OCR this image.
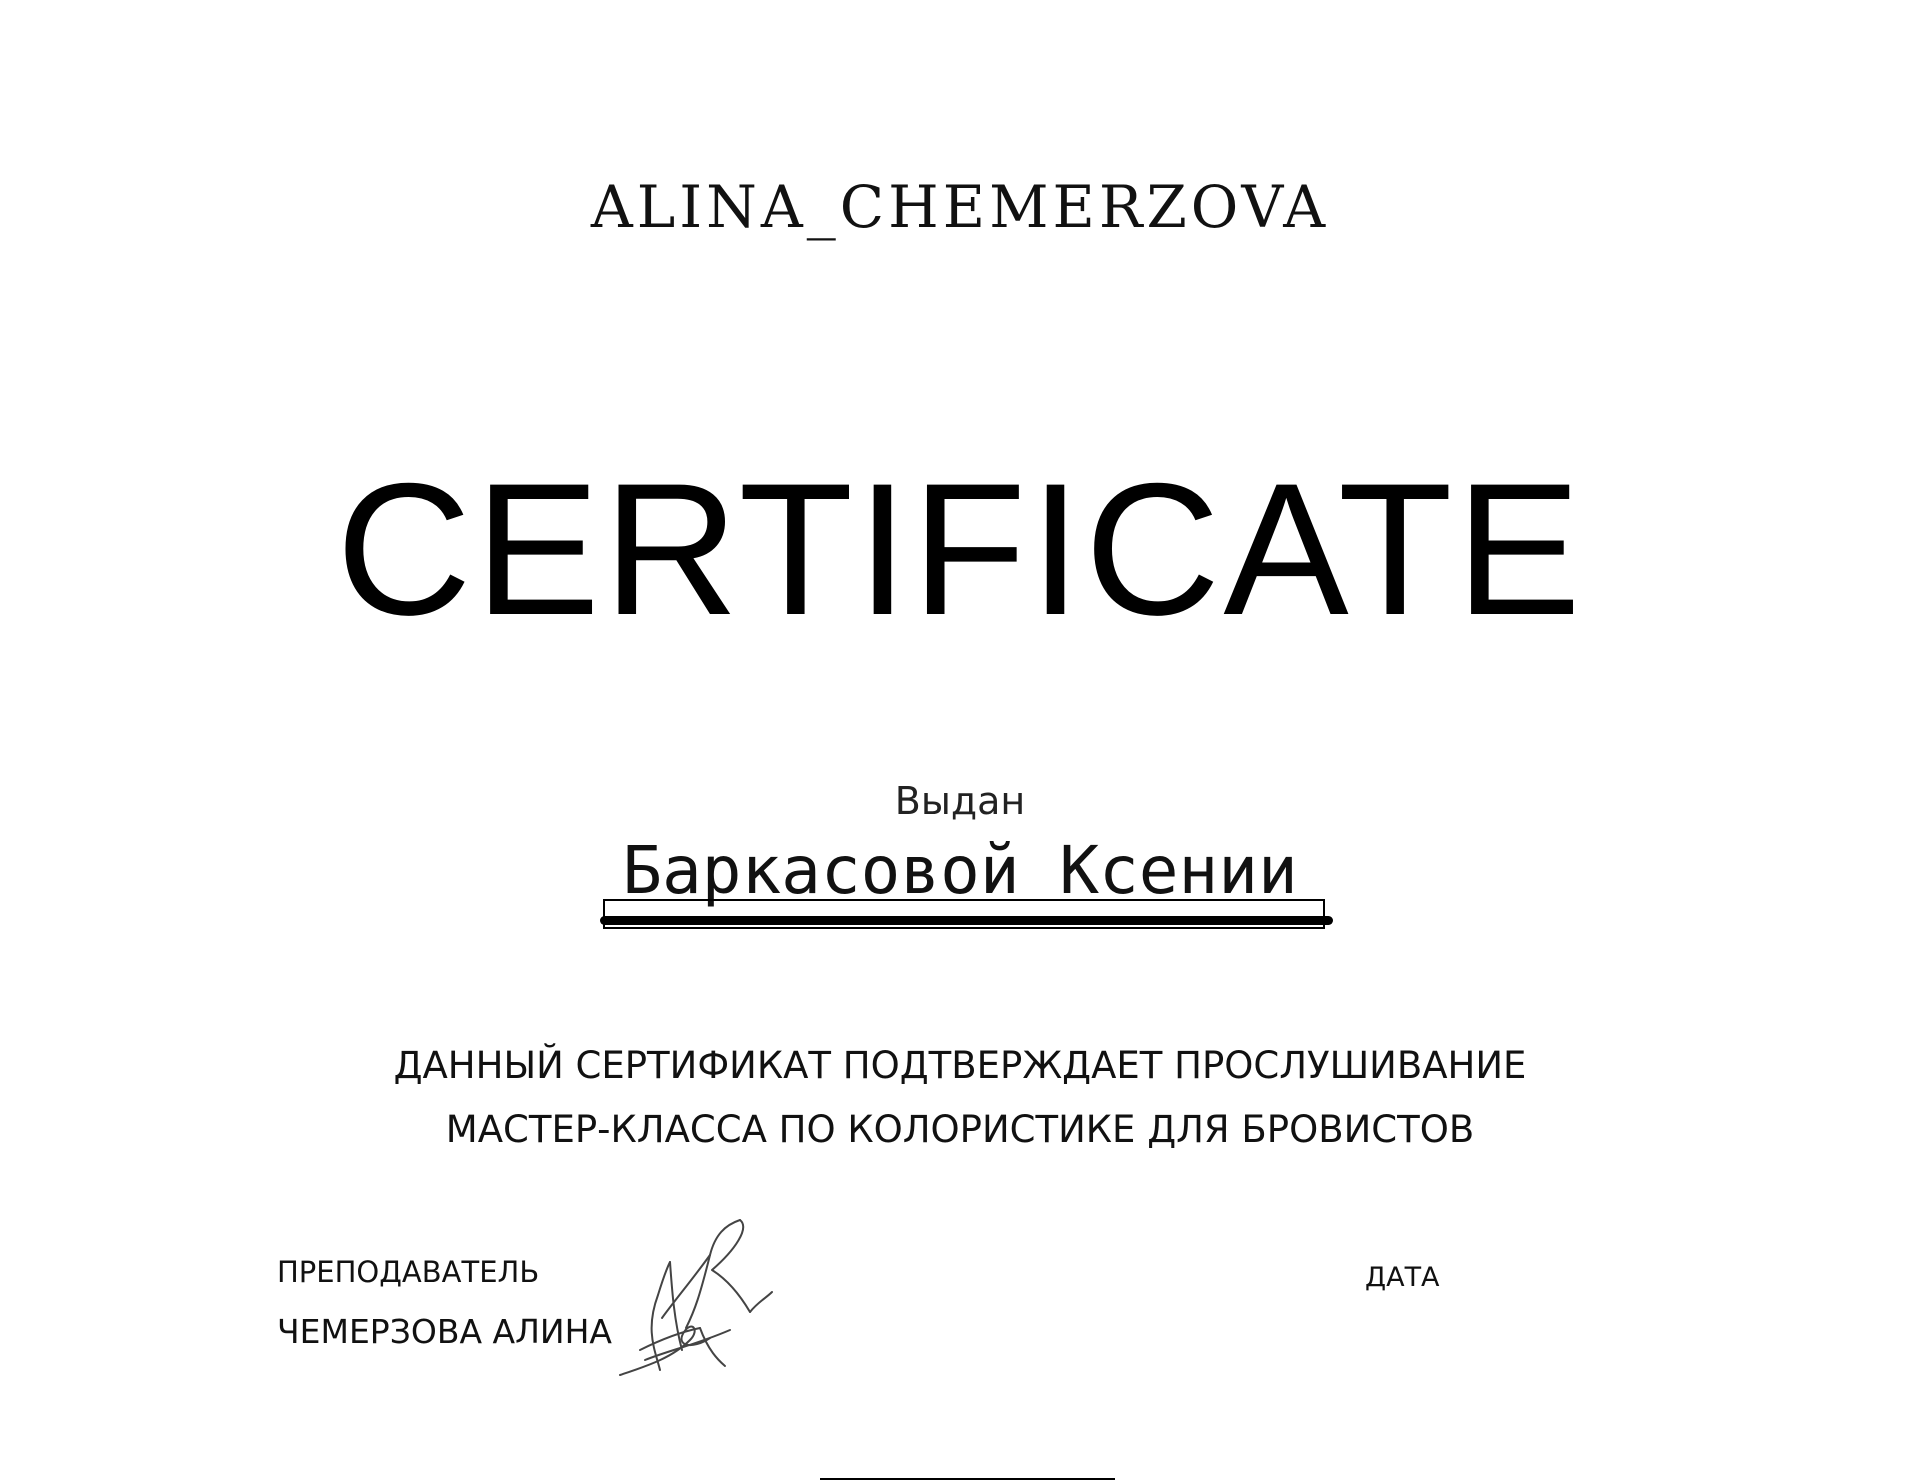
ALINA_CHEMERZOVA
CERTIFICATE
Выдан
Баркасовой Ксении
ДАННЫЙ СЕРТИФИКАТ ПОДТВЕРЖДАЕТ ПРОСЛУШИВАНИЕ
МАСТЕР-КЛАССА ПО КОЛОРИСТИКЕ ДЛЯ БРОВИСТОВ
ПРЕПОДАВАТЕЛЬ
ЧЕМЕРЗОВА АЛИНА
ДАТА
